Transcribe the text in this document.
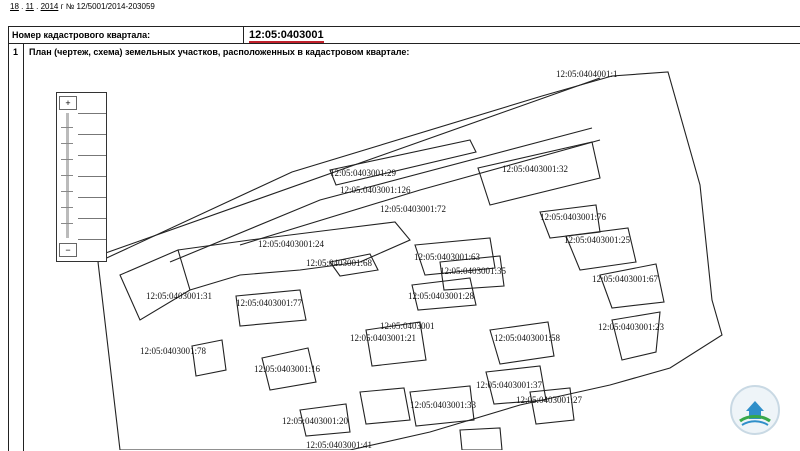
18 . 11 . 2014 г № 12/5001/2014-203059
Номер кадастрового квартала:	12:05:0403001
1 План (чертеж, схема) земельных участков, расположенных в кадастровом квартале:
12:05:0404001:1
12:05:0403001:29	12:05:0403001:32
12:05:0403001:126
12:05:0403001:72
12:05:0403001:76
12:05:0403001:25
12:05:0403001:24
12:05:0403001:63
12:05:0403001:68
12:05:0403001:35
12:05:0403001:67
12:05:0403001:31	12:05:0403001:28
12:05:0403001:77
12:05:0403001:23
12:05:0403001
12:05:0403001:21	12:05:0403001:58
12:05:0403001:78
12:05:0403001:16
12:05:0403001:37
12:05:0403001:27
12:05:0403001:33
12:05:0403001:20
12:05:0403001:41
+
−
